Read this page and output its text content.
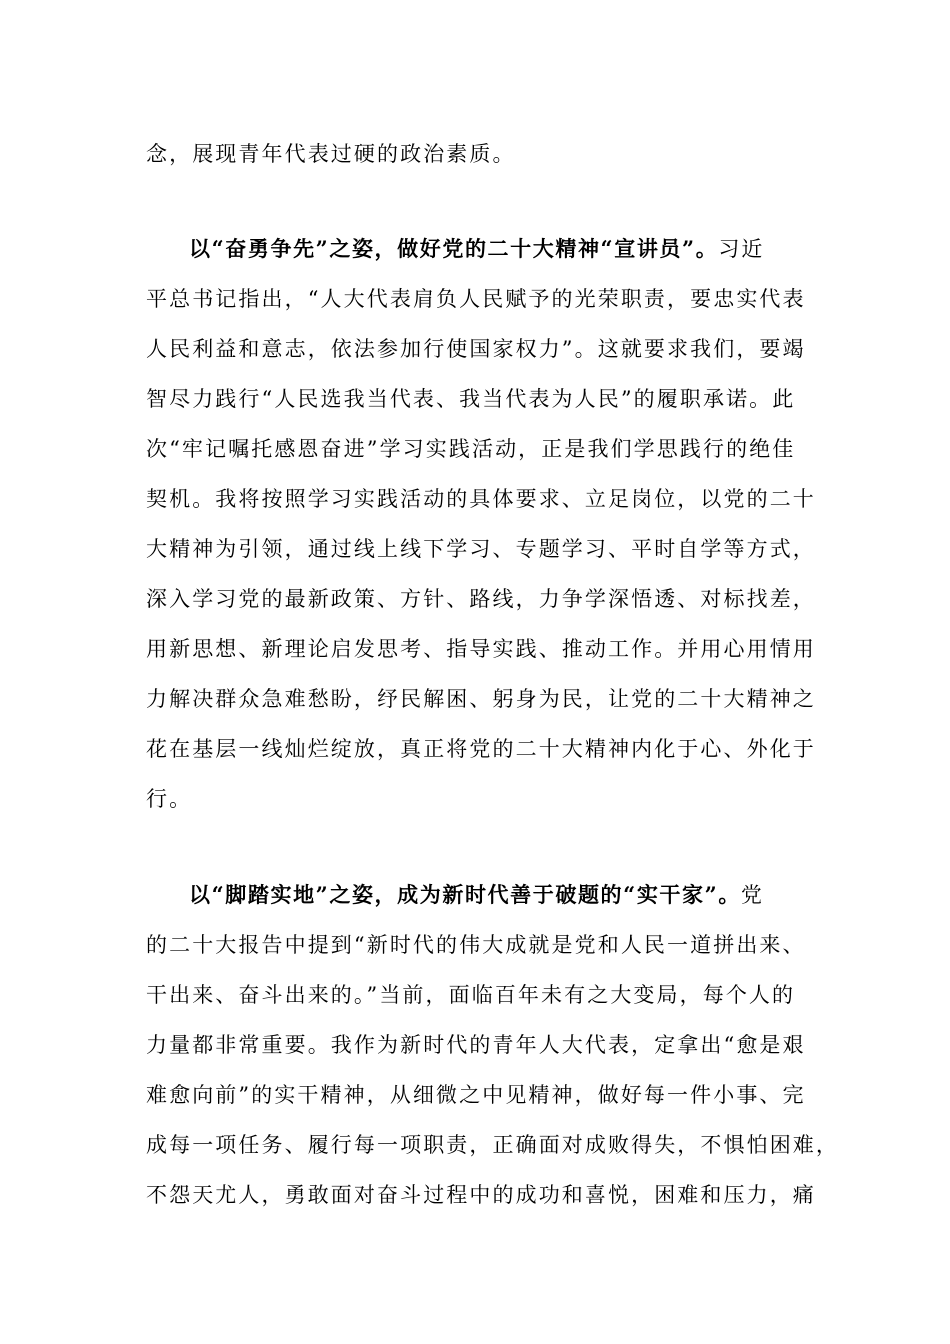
念，展现青年代表过硬的政治素质。
以“奋勇争先”之姿，做好党的二十大精神“宣讲员”。习近
平总书记指出，“人大代表肩负人民赋予的光荣职责，要忠实代表
人民利益和意志，依法参加行使国家权力”。这就要求我们，要竭
智尽力践行“人民选我当代表、我当代表为人民”的履职承诺。此
次“牢记嘱托感恩奋进”学习实践活动，正是我们学思践行的绝佳
契机。我将按照学习实践活动的具体要求、立足岗位，以党的二十
大精神为引领，通过线上线下学习、专题学习、平时自学等方式，
深入学习党的最新政策、方针、路线，力争学深悟透、对标找差，
用新思想、新理论启发思考、指导实践、推动工作。并用心用情用
力解决群众急难愁盼，纾民解困、躬身为民，让党的二十大精神之
花在基层一线灿烂绽放，真正将党的二十大精神内化于心、外化于
行。
以“脚踏实地”之姿，成为新时代善于破题的“实干家”。党
的二十大报告中提到“新时代的伟大成就是党和人民一道拼出来、
干出来、奋斗出来的。”当前，面临百年未有之大变局，每个人的
力量都非常重要。我作为新时代的青年人大代表，定拿出“愈是艰
难愈向前”的实干精神，从细微之中见精神，做好每一件小事、完
成每一项任务、履行每一项职责，正确面对成败得失，不惧怕困难，
不怨天尤人，勇敢面对奋斗过程中的成功和喜悦，困难和压力，痛
